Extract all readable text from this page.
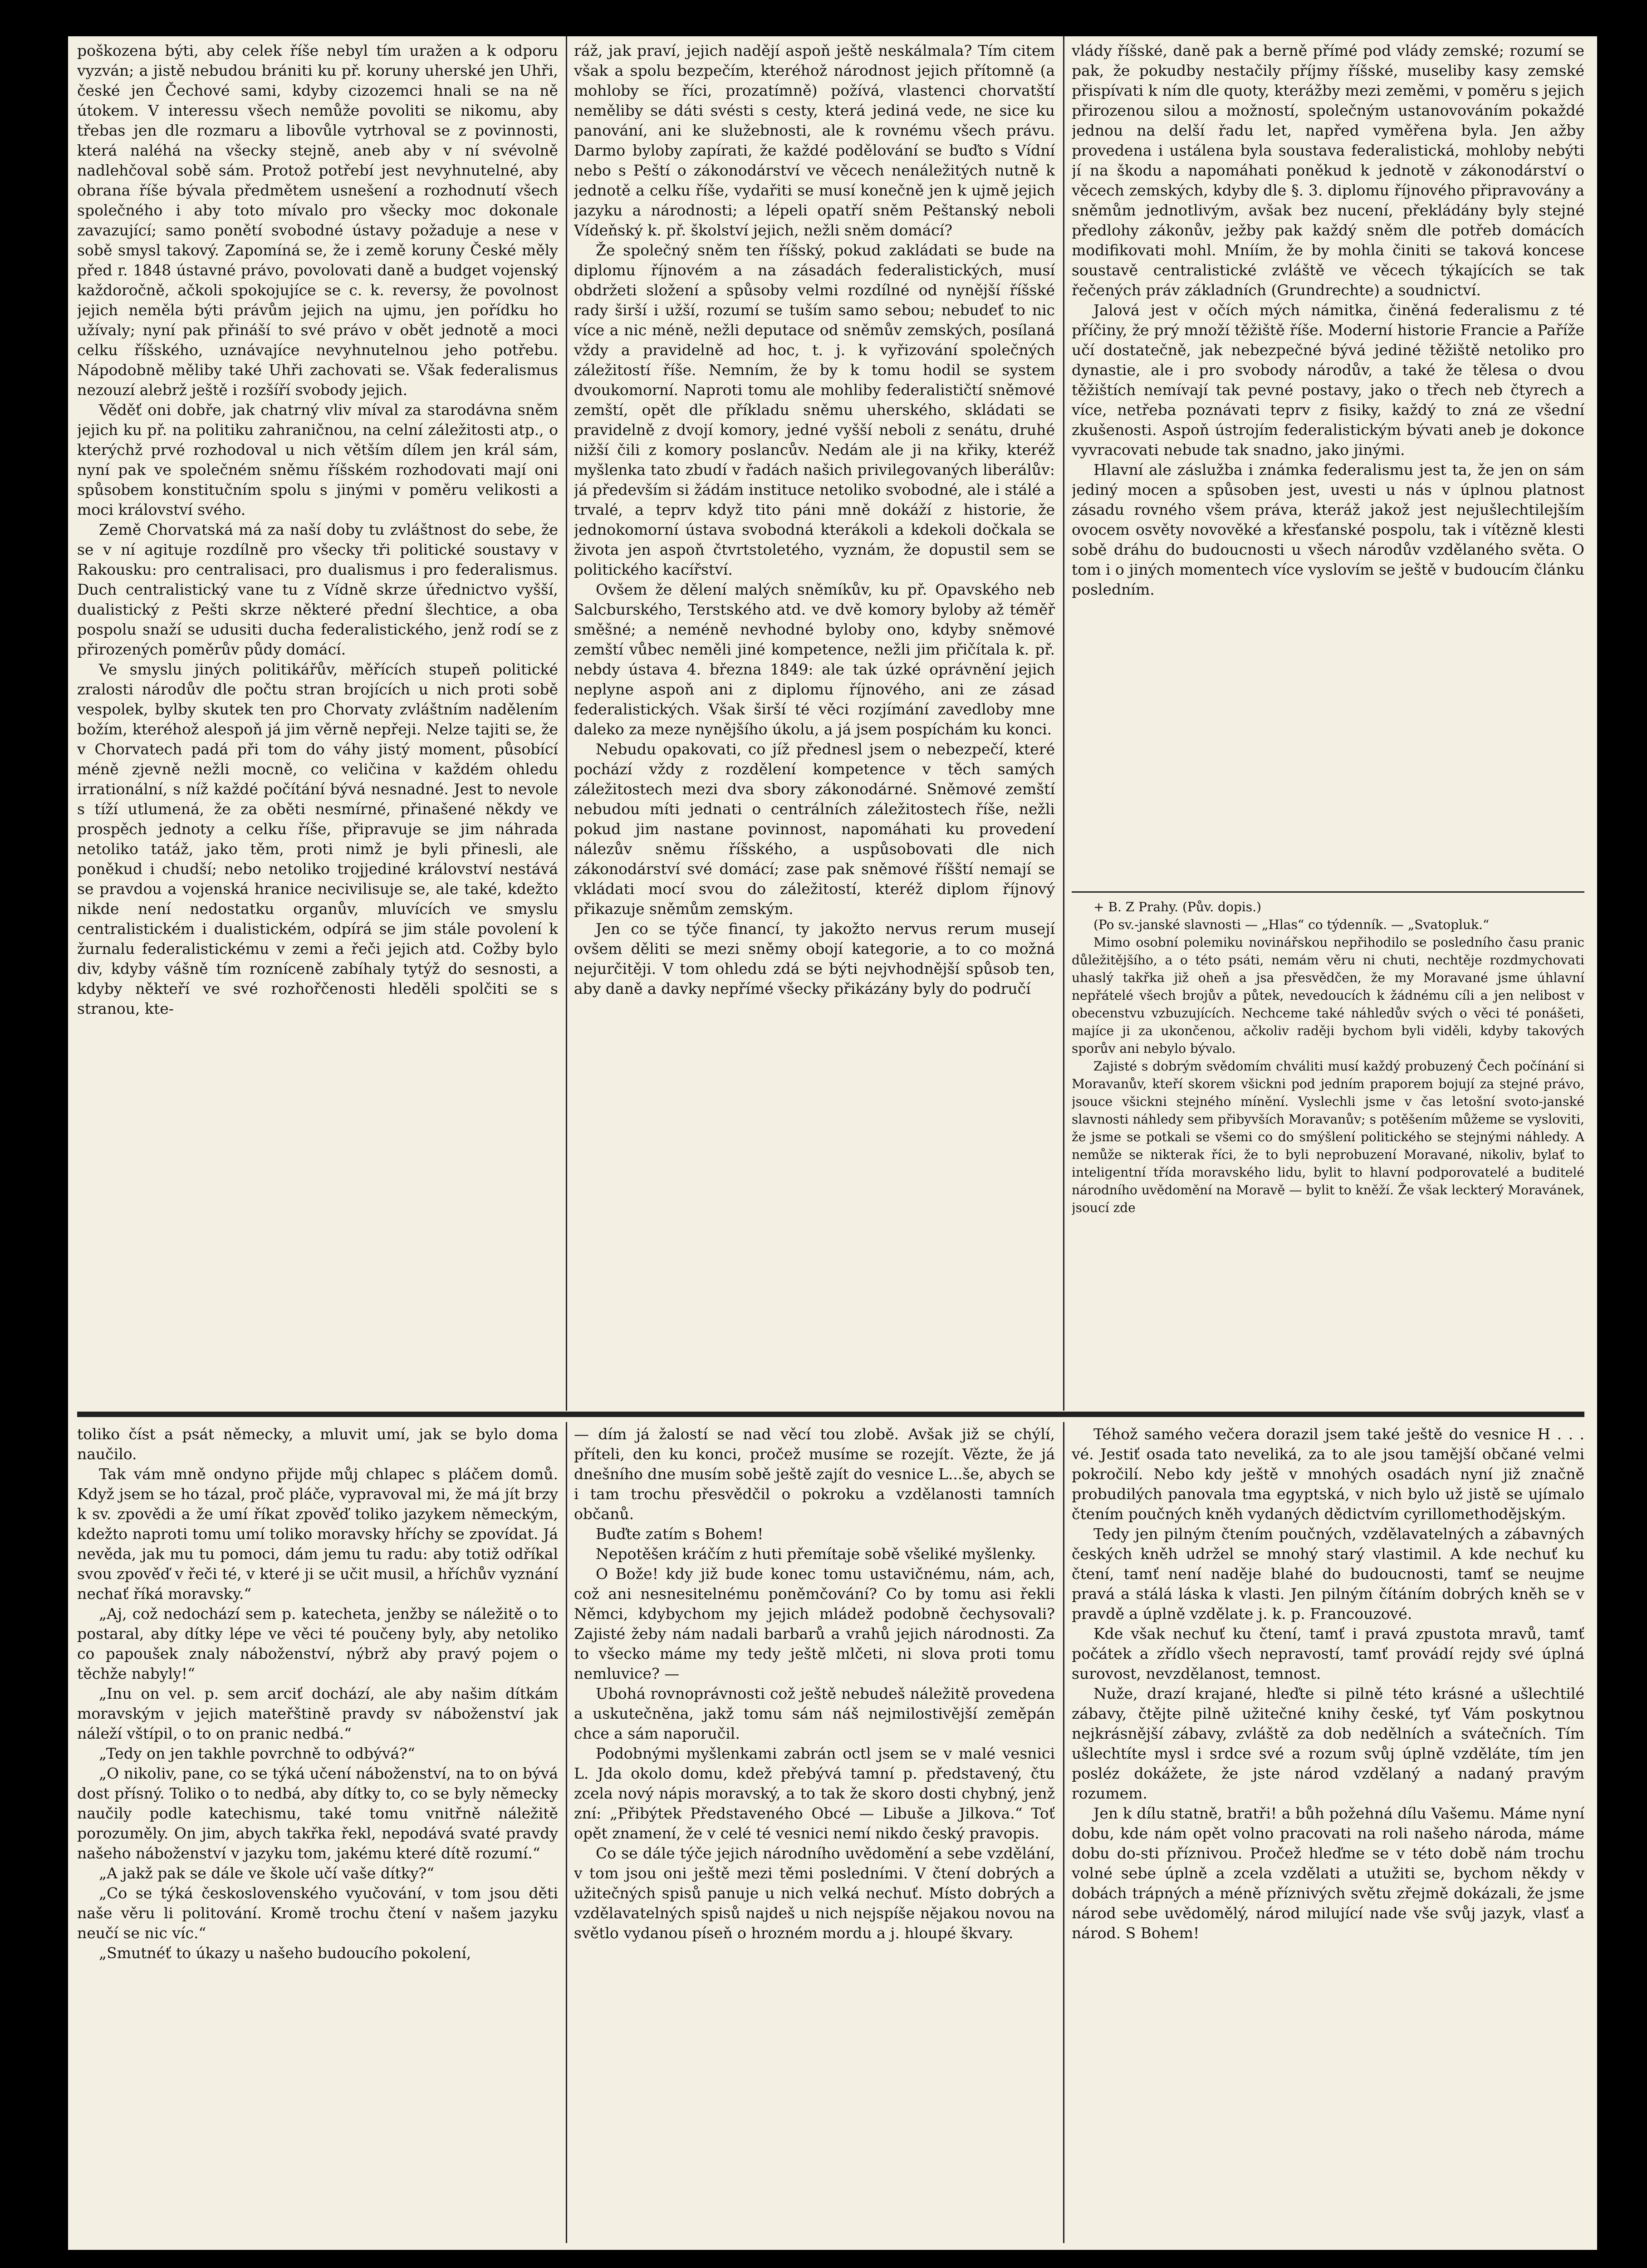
poškozena býti, aby celek říše nebyl tím uražen a k odporu vyzván; a jistě nebudou brániti ku př. koruny uherské jen Uhři, české jen Čechové sami, kdyby cizozemci hnali se na ně útokem. V interessu všech nemůže povoliti se nikomu, aby třebas jen dle rozmaru a libovůle vytrhoval se z povinnosti, která naléhá na všecky stejně, aneb aby v ní svévolně nadlehčoval sobě sám. Protož potřebí jest nevyhnutelné, aby obrana říše bývala předmětem usnešení a rozhodnutí všech společného i aby toto mívalo pro všecky moc dokonale zavazující; samo ponětí svobodné ústavy požaduje a nese v sobě smysl takový. Zapomíná se, že i země koruny České měly před r. 1848 ústavné právo, povolovati daně a budget vojenský každoročně, ačkoli spokojujíce se c. k. reversy, že povolnost jejich neměla býti právům jejich na ujmu, jen pořídku ho užívaly; nyní pak přináší to své právo v obět jednotě a moci celku říšského, uznávajíce nevyhnutelnou jeho potřebu. Nápodobně měliby také Uhři zachovati se. Však federalismus nezouzí alebrž ještě i rozšíří svobody jejich.

Věděť oni dobře, jak chatrný vliv míval za starodávna sněm jejich ku př. na politiku zahraničnou, na celní záležitosti atp., o kterýchž prvé rozhodoval u nich větším dílem jen král sám, nyní pak ve společném sněmu říšském rozhodovati mají oni spůsobem konstitučním spolu s jinými v poměru velikosti a moci království svého.

Země Chorvatská má za naší doby tu zvláštnost do sebe, že se v ní agituje rozdílně pro všecky tři politické soustavy v Rakousku: pro centralisaci, pro dualismus i pro federalismus. Duch centralistický vane tu z Vídně skrze úřednictvo vyšší, dualistický z Pešti skrze některé přední šlechtice, a oba pospolu snaží se udusiti ducha federalistického, jenž rodí se z přirozených poměrův půdy domácí.

Ve smyslu jiných politikářův, měřících stupeň politické zralosti národův dle počtu stran brojících u nich proti sobě vespolek, bylby skutek ten pro Chorvaty zvláštním nadělením božím, kteréhož alespoň já jim věrně nepřeji. Nelze tajiti se, že v Chorvatech padá při tom do váhy jistý moment, působící méně zjevně nežli mocně, co veličina v každém ohledu irrationální, s níž každé počítání bývá nesnadné. Jest to nevole s tíží utlumená, že za oběti nesmírné, přinašené někdy ve prospěch jednoty a celku říše, připravuje se jim náhrada netoliko tatáž, jako těm, proti nimž je byli přinesli, ale poněkud i chudší; nebo netoliko trojjediné království nestává se pravdou a vojenská hranice necivilisuje se, ale také, kdežto nikde není nedostatku organův, mluvících ve smyslu centralistickém i dualistickém, odpírá se jim stále povolení k žurnalu federalistickému v zemi a řeči jejich atd. Cožby bylo div, kdyby vášně tím rozníceně zabíhaly tytýž do sesnosti, a kdyby někteří ve své rozhořčenosti hleděli spolčiti se s stranou, kte-

ráž, jak praví, jejich nadějí aspoň ještě neskálmala? Tím citem však a spolu bezpečím, kteréhož národnost jejich přítomně (a mohloby se říci, prozatímně) požívá, vlastenci chorvatští neměliby se dáti svésti s cesty, která jediná vede, ne sice ku panování, ani ke služebnosti, ale k rovnému všech právu. Darmo byloby zapírati, že každé podělování se buďto s Vídní nebo s Peští o zákonodárství ve věcech nenáležitých nutně k jednotě a celku říše, vydařiti se musí konečně jen k ujmě jejich jazyku a národnosti; a lépeli opatří sněm Peštanský neboli Vídeňský k. př. školství jejich, nežli sněm domácí?

Že společný sněm ten říšský, pokud zakládati se bude na diplomu říjnovém a na zásadách federalistických, musí obdržeti složení a spůsoby velmi rozdílné od nynější říšské rady širší i užší, rozumí se tuším samo sebou; nebudeť to nic více a nic méně, nežli deputace od sněmův zemských, posílaná vždy a pravidelně ad hoc, t. j. k vyřizování společných záležitostí říše. Nemním, že by k tomu hodil se system dvoukomorní. Naproti tomu ale mohliby federalističtí sněmové zemští, opět dle příkladu sněmu uherského, skládati se pravidelně z dvojí komory, jedné vyšší neboli z senátu, druhé nižší čili z komory poslancův. Nedám ale ji na křiky, kteréž myšlenka tato zbudí v řadách našich privilegovaných liberálův: já především si žádám instituce netoliko svobodné, ale i stálé a trvalé, a teprv když tito páni mně dokáží z historie, že jednokomorní ústava svobodná kterákoli a kdekoli dočkala se života jen aspoň čtvrtstoletého, vyznám, že dopustil sem se politického kacířství.

Ovšem že dělení malých sněmíkův, ku př. Opavského neb Salcburského, Terstského atd. ve dvě komory byloby až téměř směšné; a neméně nevhodné byloby ono, kdyby sněmové zemští vůbec neměli jiné kompetence, nežli jim přičítala k. př. nebdy ústava 4. března 1849: ale tak úzké oprávnění jejich neplyne aspoň ani z diplomu říjnového, ani ze zásad federalistických. Však širší té věci rozjímání zavedloby mne daleko za meze nynějšího úkolu, a já jsem pospíchám ku konci.

Nebudu opakovati, co jíž přednesl jsem o nebezpečí, které pochází vždy z rozdělení kompetence v těch samých záležitostech mezi dva sbory zákonodárné. Sněmové zemští nebudou míti jednati o centrálních záležitostech říše, nežli pokud jim nastane povinnost, napomáhati ku provedení nálezův sněmu říšského, a uspůsobovati dle nich zákonodárství své domácí; zase pak sněmové říšští nemají se vkládati mocí svou do záležitostí, kteréž diplom říjnový přikazuje sněmům zemským.

Jen co se týče financí, ty jakožto nervus rerum musejí ovšem děliti se mezi sněmy obojí kategorie, a to co možná nejurčitěji. V tom ohledu zdá se býti nejvhodnější spůsob ten, aby daně a davky nepřímé všecky přikázány byly do područí

vlády říšské, daně pak a berně přímé pod vlády zemské; rozumí se pak, že pokudby nestačily příjmy říšské, museliby kasy zemské přispívati k ním dle quoty, kterážby mezi zeměmi, v poměru s jejich přirozenou silou a možností, společným ustanovováním pokaždé jednou na delší řadu let, napřed vyměřena byla. Jen ažby provedena i ustálena byla soustava federalistická, mohloby nebýti jí na škodu a napomáhati poněkud k jednotě v zákonodárství o věcech zemských, kdyby dle §. 3. diplomu říjnového připravovány a sněmům jednotlivým, avšak bez nucení, překládány byly stejné předlohy zákonův, ježby pak každý sněm dle potřeb domácích modifikovati mohl. Mníím, že by mohla činiti se taková koncese soustavě centralistické zvláště ve věcech týkajících se tak řečených práv základních (Grundrechte) a soudnictví.

Jalová jest v očích mých námitka, činěná federalismu z té příčiny, že prý množí těžiště říše. Moderní historie Francie a Paříže učí dostatečně, jak nebezpečné bývá jediné těžiště netoliko pro dynastie, ale i pro svobody národův, a také že tělesa o dvou těžištích nemívají tak pevné postavy, jako o třech neb čtyrech a více, netřeba poznávati teprv z fisiky, každý to zná ze všední zkušenosti. Aspoň ústrojím federalistickým bývati aneb je dokonce vyvracovati nebude tak snadno, jako jinými.

Hlavní ale záslužba i známka federalismu jest ta, že jen on sám jediný mocen a spůsoben jest, uvesti u nás v úplnou platnost zásadu rovného všem práva, kteráž jakož jest nejušlechtilejším ovocem osvěty novověké a křesťanské pospolu, tak i vítězně klesti sobě dráhu do budoucnosti u všech národův vzdělaného světa. O tom i o jiných momentech více vyslovím se ještě v budoucím článku posledním.

+ B. Z Prahy. (Pův. dopis.)

(Po sv.-janské slavnosti — „Hlas“ co týdenník. — „Svatopluk.“

Mimo osobní polemiku novinářskou nepřihodilo se posledního času pranic důležitějšího, a o této psáti, nemám věru ni chuti, nechtěje rozdmychovati uhaslý takřka již oheň a jsa přesvědčen, že my Moravané jsme úhlavní nepřátelé všech brojův a půtek, nevedoucích k žádnému cíli a jen nelibost v obecenstvu vzbuzujících. Nechceme také náhledův svých o věci té ponášeti, majíce ji za ukončenou, ačkoliv raději bychom byli viděli, kdyby takových sporův ani nebylo bývalo.

Zajisté s dobrým svědomím chváliti musí každý probuzený Čech počínání si Moravanův, kteří skorem všickni pod jedním praporem bojují za stejné právo, jsouce všickni stejného mínění. Vyslechli jsme v čas letošní svoto-janské slavnosti náhledy sem přibyvších Moravanův; s potěšením můžeme se vysloviti, že jsme se potkali se všemi co do smýšlení politického se stejnými náhledy. A nemůže se nikterak říci, že to byli neprobuzení Moravané, nikoliv, bylať to inteligentní třída moravského lidu, bylit to hlavní podporovatelé a buditelé národního uvědomění na Moravě — bylit to kněží. Že však leckterý Moravánek, jsoucí zde

toliko číst a psát německy, a mluvit umí, jak se bylo doma naučilo.

Tak vám mně ondyno přijde můj chlapec s pláčem domů. Když jsem se ho tázal, proč pláče, vypravoval mi, že má jít brzy k sv. zpovědi a že umí říkat zpověď toliko jazykem německým, kdežto naproti tomu umí toliko moravsky hříchy se zpovídat. Já nevěda, jak mu tu pomoci, dám jemu tu radu: aby totiž odříkal svou zpověď v řeči té, v které ji se učit musil, a hříchův vyznání nechať říká moravsky.“

„Aj, což nedochází sem p. katecheta, jenžby se náležitě o to postaral, aby dítky lépe ve věci té poučeny byly, aby netoliko co papoušek znaly náboženství, nýbrž aby pravý pojem o těchže nabyly!“

„Inu on vel. p. sem arciť dochází, ale aby našim dítkám moravským v jejich mateřštině pravdy sv náboženství jak náleží vštípil, o to on pranic nedbá.“

„Tedy on jen takhle povrchně to odbývá?“

„O nikoliv, pane, co se týká učení náboženství, na to on bývá dost přísný. Toliko o to nedbá, aby dítky to, co se byly německy naučily podle katechismu, také tomu vnitřně náležitě porozuměly. On jim, abych takřka řekl, nepodává svaté pravdy našeho náboženství v jazyku tom, jakému které dítě rozumí.“

„A jakž pak se dále ve škole učí vaše dítky?“

„Co se týká československého vyučování, v tom jsou děti naše věru li politování. Kromě trochu čtení v našem jazyku neučí se nic víc.“

„Smutnéť to úkazy u našeho budoucího pokolení,

— dím já žalostí se nad věcí tou zlobě. Avšak již se chýlí, příteli, den ku konci, pročež musíme se rozejít. Vězte, že já dnešního dne musím sobě ještě zajít do vesnice L...še, abych se i tam trochu přesvědčil o pokroku a vzdělanosti tamních občanů.

Buďte zatím s Bohem!

Nepotěšen kráčím z huti přemítaje sobě všeliké myšlenky.

O Bože! kdy již bude konec tomu ustavičnému, nám, ach, což ani nesnesitelnému poněmčování? Co by tomu asi řekli Němci, kdybychom my jejich mládež podobně čechysovali? Zajisté žeby nám nadali barbarů a vrahů jejich národnosti. Za to všecko máme my tedy ještě mlčeti, ni slova proti tomu nemluvice? —

Ubohá rovnoprávnosti což ještě nebudeš náležitě provedena a uskutečněna, jakž tomu sám náš nejmilostivější zeměpán chce a sám naporučil.

Podobnými myšlenkami zabrán octl jsem se v malé vesnici L. Jda okolo domu, kdež přebývá tamní p. představený, čtu zcela nový nápis moravský, a to tak že skoro dosti chybný, jenž zní: „Přibýtek Představeného Obcé — Libuše a Jilkova.“ Toť opět znamení, že v celé té vesnici nemí nikdo český pravopis.

Co se dále týče jejich národního uvědomění a sebe vzdělání, v tom jsou oni ještě mezi těmi posledními. V čtení dobrých a užitečných spisů panuje u nich velká nechuť. Místo dobrých a vzdělavatelných spisů najdeš u nich nejspíše nějakou novou na světlo vydanou píseň o hrozném mordu a j. hloupé škvary.

Téhož samého večera dorazil jsem také ještě do vesnice H . . . vé. Jestiť osada tato neveliká, za to ale jsou tamější občané velmi pokročilí. Nebo kdy ještě v mnohých osadách nyní již značně probudilých panovala tma egyptská, v nich bylo už jistě se ujímalo čtením poučných kněh vydaných dědictvím cyrillomethodějským.

Tedy jen pilným čtením poučných, vzdělavatelných a zábavných českých kněh udržel se mnohý starý vlastimil. A kde nechuť ku čtení, tamť není naděje blahé do budoucnosti, tamť se neujme pravá a stálá láska k vlasti. Jen pilným čítáním dobrých kněh se v pravdě a úplně vzdělate j. k. p. Francouzové.

Kde však nechuť ku čtení, tamť i pravá zpustota mravů, tamť počátek a zřídlo všech nepravostí, tamť provádí rejdy své úplná surovost, nevzdělanost, temnost.

Nuže, drazí krajané, hleďte si pilně této krásné a ušlechtilé zábavy, čtějte pilně užitečné knihy české, tyť Vám poskytnou nejkrásnější zábavy, zvláště za dob nedělních a svátečních. Tím ušlechtíte mysl i srdce své a rozum svůj úplně vzděláte, tím jen posléz dokážete, že jste národ vzdělaný a nadaný pravým rozumem.

Jen k dílu statně, bratři! a bůh požehná dílu Vašemu. Máme nyní dobu, kde nám opět volno pracovati na roli našeho národa, máme dobu do-sti příznivou. Pročež hleďme se v této době nám trochu volné sebe úplně a zcela vzdělati a utužiti se, bychom někdy v dobách trápných a méně příznivých světu zřejmě dokázali, že jsme národ sebe uvědomělý, národ milující nade vše svůj jazyk, vlasť a národ. S Bohem!
